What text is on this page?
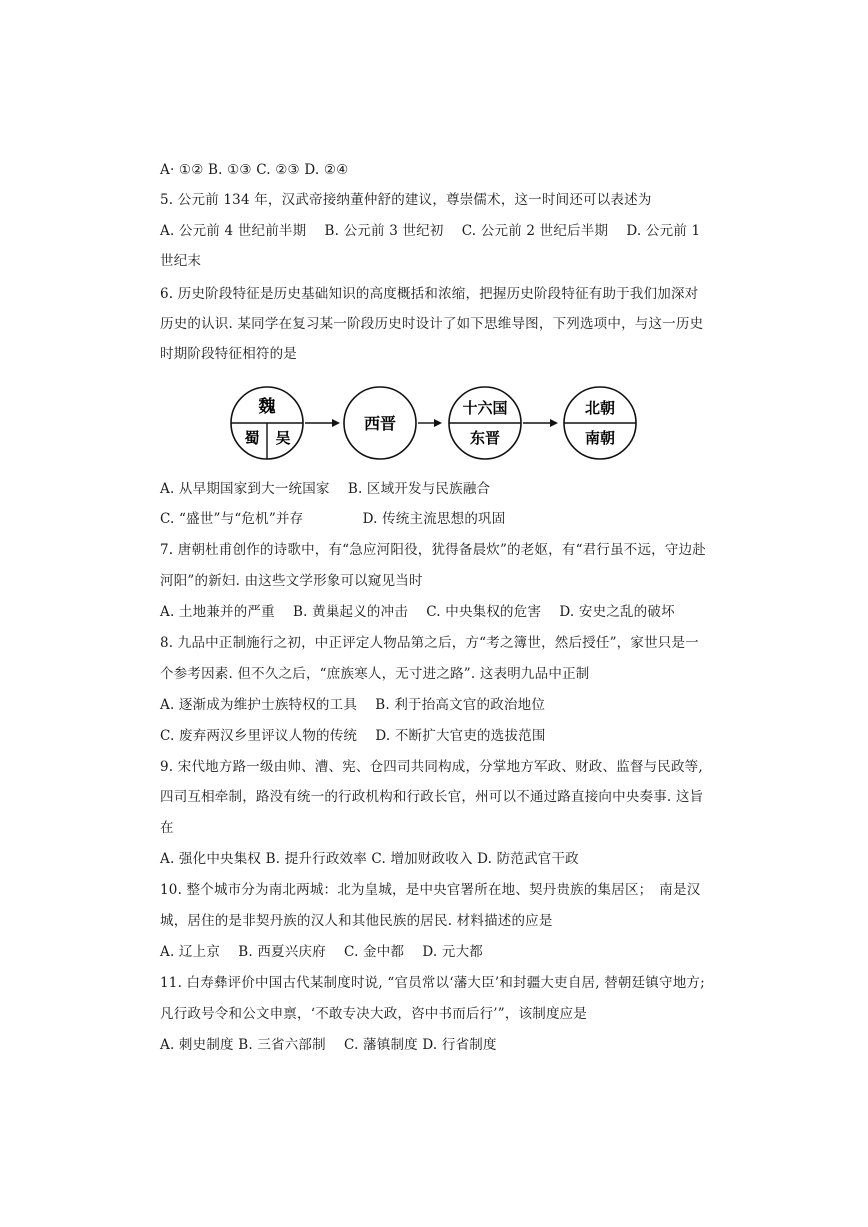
A· ①② B. ①③ C. ②③ D. ②④
5. 公元前 134 年，汉武帝接纳董仲舒的建议，尊崇儒术，这一时间还可以表述为
A. 公元前 4 世纪前半期　 B. 公元前 3 世纪初　 C. 公元前 2 世纪后半期　 D. 公元前 1
世纪末
6. 历史阶段特征是历史基础知识的高度概括和浓缩，把握历史阶段特征有助于我们加深对
历史的认识. 某同学在复习某一阶段历史时设计了如下思维导图，下列选项中，与这一历史
时期阶段特征相符的是
魏
蜀 吴
西晋
十六国
东晋
北朝
南朝
A. 从早期国家到大一统国家　 B. 区域开发与民族融合
C. “盛世”与“危机”并存　　　　 D. 传统主流思想的巩固
7. 唐朝杜甫创作的诗歌中，有“急应河阳役，犹得备晨炊”的老妪，有“君行虽不远，守边赴
河阳”的新妇. 由这些文学形象可以窥见当时
A. 土地兼并的严重　 B. 黄巢起义的冲击　 C. 中央集权的危害　 D. 安史之乱的破坏
8. 九品中正制施行之初，中正评定人物品第之后，方“考之簿世，然后授任”，家世只是一
个参考因素. 但不久之后，“庶族寒人，无寸进之路”. 这表明九品中正制
A. 逐渐成为维护士族特权的工具　 B. 利于抬高文官的政治地位
C. 废弃两汉乡里评议人物的传统　 D. 不断扩大官吏的选拔范围
9. 宋代地方路一级由帅、漕、宪、仓四司共同构成，分掌地方军政、财政、监督与民政等,
四司互相牵制，路没有统一的行政机构和行政长官，州可以不通过路直接向中央奏事. 这旨
在
A. 强化中央集权 B. 提升行政效率 C. 增加财政收入 D. 防范武官干政
10. 整个城市分为南北两城：北为皇城，是中央官署所在地、契丹贵族的集居区；　南是汉
城，居住的是非契丹族的汉人和其他民族的居民. 材料描述的应是
A. 辽上京　 B. 西夏兴庆府　 C. 金中都　 D. 元大都
11. 白寿彝评价中国古代某制度时说, “官员常以‘藩大臣’和封疆大吏自居, 替朝廷镇守地方;
凡行政号令和公文申禀，‘不敢专决大政，咨中书而后行’”，该制度应是
A. 刺史制度 B. 三省六部制　 C. 藩镇制度 D. 行省制度
